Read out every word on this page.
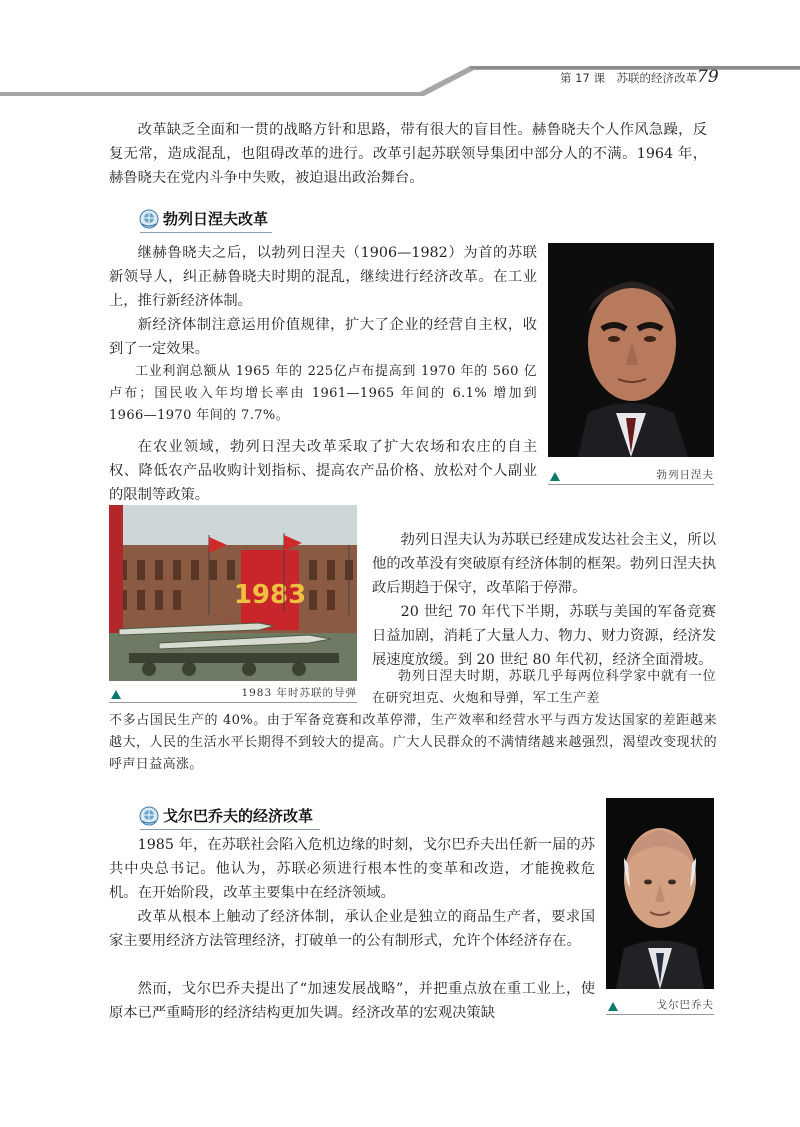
第 17 课　苏联的经济改革 79

改革缺乏全面和一贯的战略方针和思路，带有很大的盲目性。赫鲁晓夫个人作风急躁，反复无常，造成混乱，也阻碍改革的进行。改革引起苏联领导集团中部分人的不满。1964 年，赫鲁晓夫在党内斗争中失败，被迫退出政治舞台。

勃列日涅夫改革
勃列日涅夫

继赫鲁晓夫之后，以勃列日涅夫（1906—1982）为首的苏联新领导人，纠正赫鲁晓夫时期的混乱，继续进行经济改革。在工业上，推行新经济体制。

新经济体制注意运用价值规律，扩大了企业的经营自主权，收到了一定效果。

工业利润总额从 1965 年的 225亿卢布提高到 1970 年的 560 亿卢布；国民收入年均增长率由 1961—1965 年间的 6.1% 增加到 1966—1970 年间的 7.7%。

在农业领域，勃列日涅夫改革采取了扩大农场和农庄的自主权、降低农产品收购计划指标、提高农产品价格、放松对个人副业的限制等政策。

1983
1983 年时苏联的导弹

勃列日涅夫认为苏联已经建成发达社会主义，所以他的改革没有突破原有经济体制的框架。勃列日涅夫执政后期趋于保守，改革陷于停滞。

20 世纪 70 年代下半期，苏联与美国的军备竞赛日益加剧，消耗了大量人力、物力、财力资源，经济发展速度放缓。到 20 世纪 80 年代初，经济全面滑坡。

勃列日涅夫时期，苏联几乎每两位科学家中就有一位在研究坦克、火炮和导弹，军工生产差

不多占国民生产的 40%。由于军备竞赛和改革停滞，生产效率和经营水平与西方发达国家的差距越来越大，人民的生活水平长期得不到较大的提高。广大人民群众的不满情绪越来越强烈，渴望改变现状的呼声日益高涨。

戈尔巴乔夫的经济改革
戈尔巴乔夫

1985 年，在苏联社会陷入危机边缘的时刻，戈尔巴乔夫出任新一届的苏共中央总书记。他认为，苏联必须进行根本性的变革和改造，才能挽救危机。在开始阶段，改革主要集中在经济领域。

改革从根本上触动了经济体制，承认企业是独立的商品生产者，要求国家主要用经济方法管理经济，打破单一的公有制形式，允许个体经济存在。

然而，戈尔巴乔夫提出了“加速发展战略”，并把重点放在重工业上，使原本已严重畸形的经济结构更加失调。经济改革的宏观决策缺
